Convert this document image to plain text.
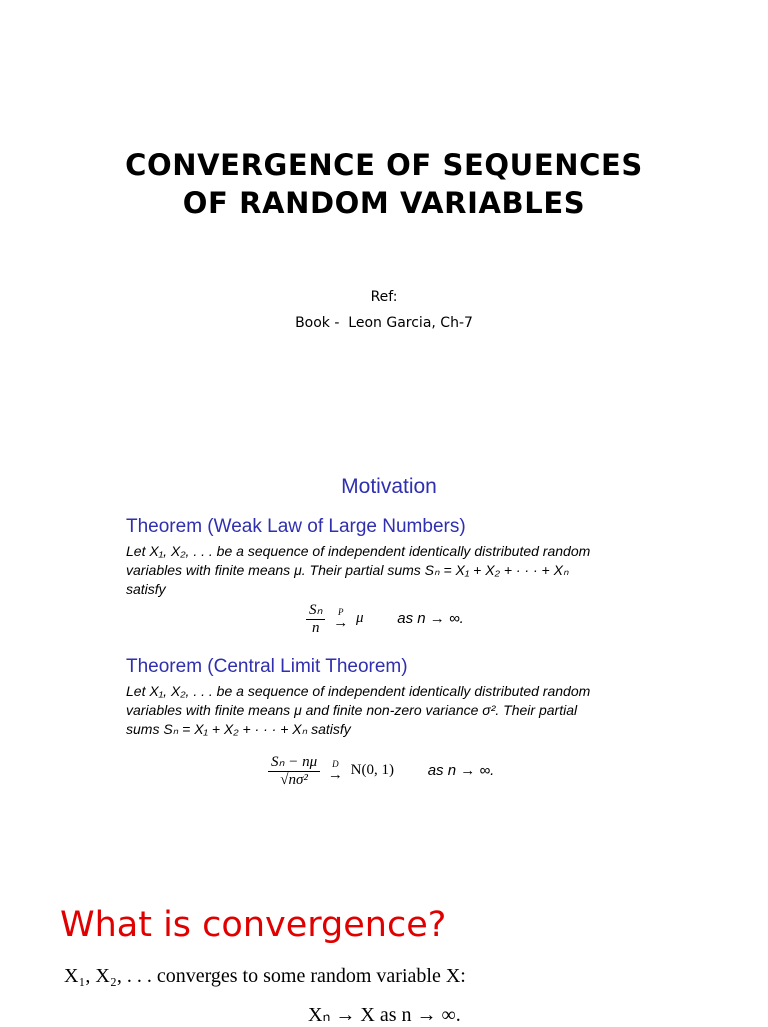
CONVERGENCE OF SEQUENCES
OF RANDOM VARIABLES
Ref:
Book -  Leon Garcia, Ch-7
Motivation
Theorem (Weak Law of Large Numbers)
Let X₁, X₂, . . . be a sequence of independent identically distributed random
variables with finite means μ. Their partial sums Sₙ = X₁ + X₂ + · · · + Xₙ
satisfy
$\frac{\text{Sₙ}}{n}$
	P
→ μ as n → ∞.
Theorem (Central Limit Theorem)
Let X₁, X₂, . . . be a sequence of independent identically distributed random
variables with finite means μ and finite non-zero variance σ². Their partial
sums Sₙ = X₁ + X₂ + · · · + Xₙ satisfy
$\frac{\text{Sₙ − nμ}}{\text{√nσ²}}$
	D
→ N(0, 1) as n → ∞.
What is convergence?
X₁, X₂, . . . converges to some random variable X:
Xₙ → X as n → ∞.
